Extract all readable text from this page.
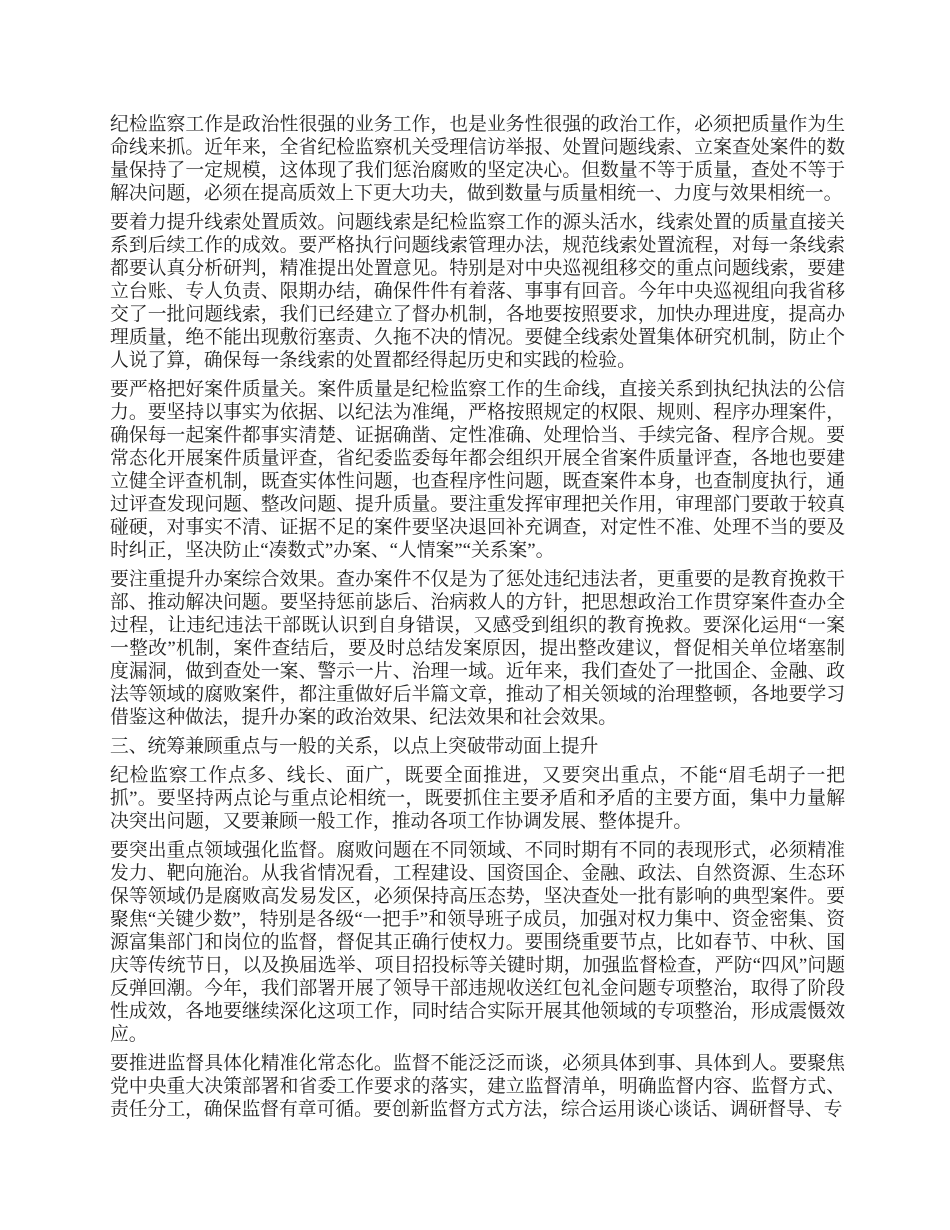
纪检监察工作是政治性很强的业务工作，也是业务性很强的政治工作，必须把质量作为生命线来抓。近年来，全省纪检监察机关受理信访举报、处置问题线索、立案查处案件的数量保持了一定规模，这体现了我们惩治腐败的坚定决心。但数量不等于质量，查处不等于解决问题，必须在提高质效上下更大功夫，做到数量与质量相统一、力度与效果相统一。

要着力提升线索处置质效。问题线索是纪检监察工作的源头活水，线索处置的质量直接关系到后续工作的成效。要严格执行问题线索管理办法，规范线索处置流程，对每一条线索都要认真分析研判，精准提出处置意见。特别是对中央巡视组移交的重点问题线索，要建立台账、专人负责、限期办结，确保件件有着落、事事有回音。今年中央巡视组向我省移交了一批问题线索，我们已经建立了督办机制，各地要按照要求，加快办理进度，提高办理质量，绝不能出现敷衍塞责、久拖不决的情况。要健全线索处置集体研究机制，防止个人说了算，确保每一条线索的处置都经得起历史和实践的检验。

要严格把好案件质量关。案件质量是纪检监察工作的生命线，直接关系到执纪执法的公信力。要坚持以事实为依据、以纪法为准绳，严格按照规定的权限、规则、程序办理案件，确保每一起案件都事实清楚、证据确凿、定性准确、处理恰当、手续完备、程序合规。要常态化开展案件质量评查，省纪委监委每年都会组织开展全省案件质量评查，各地也要建立健全评查机制，既查实体性问题，也查程序性问题，既查案件本身，也查制度执行，通过评查发现问题、整改问题、提升质量。要注重发挥审理把关作用，审理部门要敢于较真碰硬，对事实不清、证据不足的案件要坚决退回补充调查，对定性不准、处理不当的要及时纠正，坚决防止“凑数式”办案、“人情案”“关系案”。

要注重提升办案综合效果。查办案件不仅是为了惩处违纪违法者，更重要的是教育挽救干部、推动解决问题。要坚持惩前毖后、治病救人的方针，把思想政治工作贯穿案件查办全过程，让违纪违法干部既认识到自身错误，又感受到组织的教育挽救。要深化运用“一案一整改”机制，案件查结后，要及时总结发案原因，提出整改建议，督促相关单位堵塞制度漏洞，做到查处一案、警示一片、治理一域。近年来，我们查处了一批国企、金融、政法等领域的腐败案件，都注重做好后半篇文章，推动了相关领域的治理整顿，各地要学习借鉴这种做法，提升办案的政治效果、纪法效果和社会效果。

三、统筹兼顾重点与一般的关系，以点上突破带动面上提升

纪检监察工作点多、线长、面广，既要全面推进，又要突出重点，不能“眉毛胡子一把抓”。要坚持两点论与重点论相统一，既要抓住主要矛盾和矛盾的主要方面，集中力量解决突出问题，又要兼顾一般工作，推动各项工作协调发展、整体提升。

要突出重点领域强化监督。腐败问题在不同领域、不同时期有不同的表现形式，必须精准发力、靶向施治。从我省情况看，工程建设、国资国企、金融、政法、自然资源、生态环保等领域仍是腐败高发易发区，必须保持高压态势，坚决查处一批有影响的典型案件。要聚焦“关键少数”，特别是各级“一把手”和领导班子成员，加强对权力集中、资金密集、资源富集部门和岗位的监督，督促其正确行使权力。要围绕重要节点，比如春节、中秋、国庆等传统节日，以及换届选举、项目招投标等关键时期，加强监督检查，严防“四风”问题反弹回潮。今年，我们部署开展了领导干部违规收送红包礼金问题专项整治，取得了阶段性成效，各地要继续深化这项工作，同时结合实际开展其他领域的专项整治，形成震慑效应。

要推进监督具体化精准化常态化。监督不能泛泛而谈，必须具体到事、具体到人。要聚焦党中央重大决策部署和省委工作要求的落实，建立监督清单，明确监督内容、监督方式、责任分工，确保监督有章可循。要创新监督方式方法，综合运用谈心谈话、调研督导、专
